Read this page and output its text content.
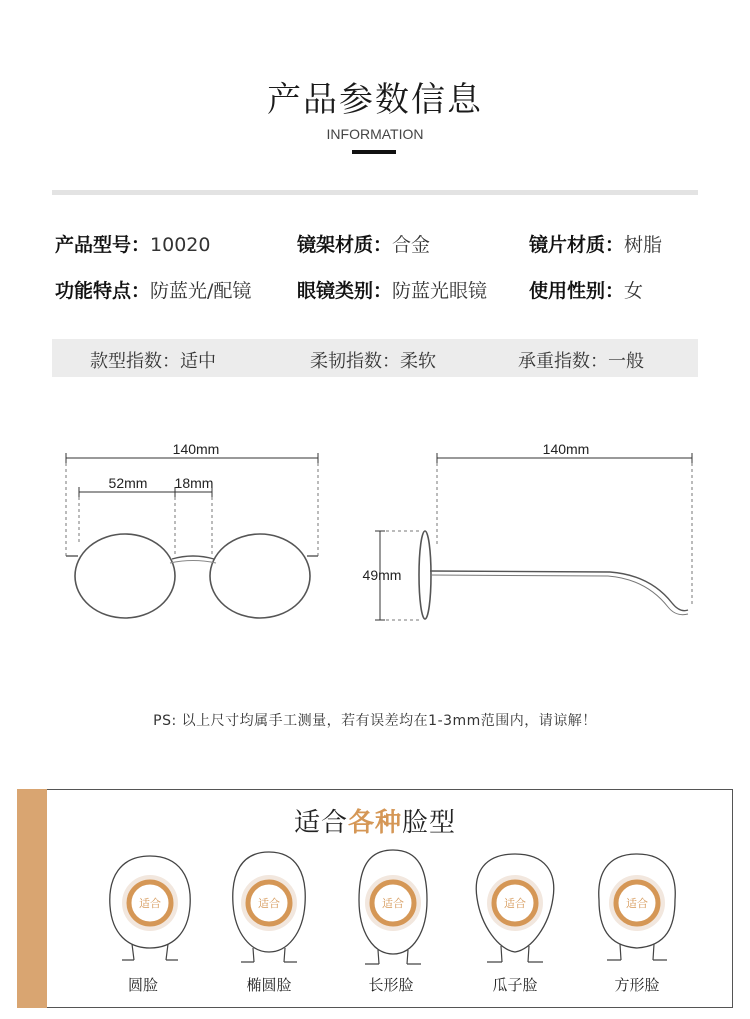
产品参数信息
INFORMATION
产品型号：10020	镜架材质：合金	镜片材质：树脂
功能特点：防蓝光/配镜 眼镜类别：防蓝光眼镜 使用性别：女
款型指数：适中	柔韧指数：柔软	承重指数：一般
140mm
52mm 18mm
140mm
49mm
PS: 以上尺寸均属手工测量，若有误差均在1-3mm范围内，请谅解！
适合各种脸型
适合
圆脸
适合
椭圆脸
适合
长形脸
适合
瓜子脸
适合
方形脸
